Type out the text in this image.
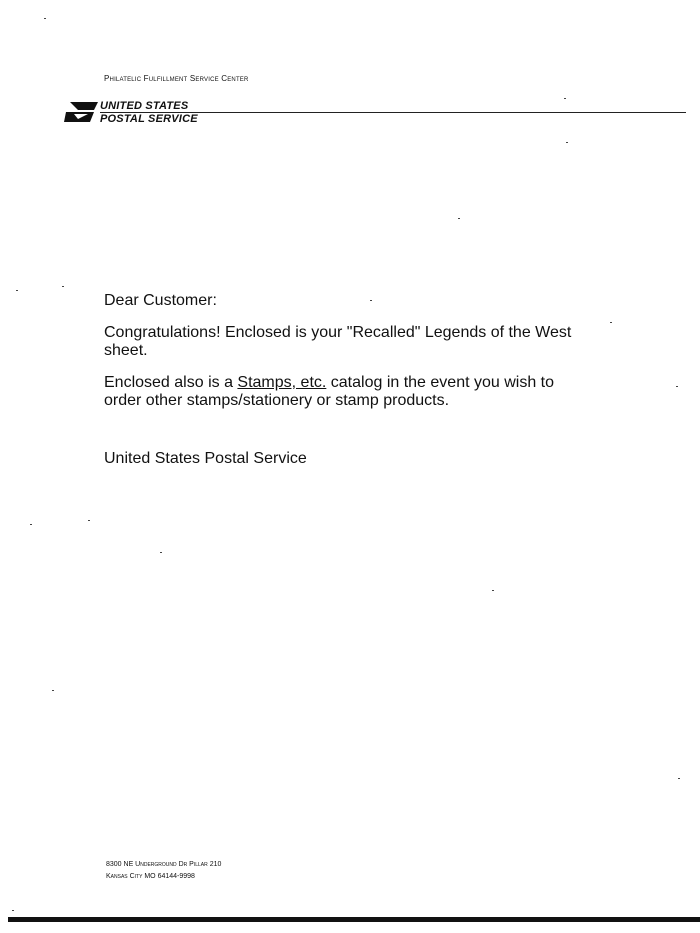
Philatelic Fulfillment Service Center
UNITED STATES
POSTAL SERVICE

Dear Customer:

Congratulations! Enclosed is your "Recalled" Legends of the West sheet.

Enclosed also is a Stamps, etc. catalog in the event you wish to order other stamps/stationery or stamp products.

United States Postal Service

8300 NE Underground Dr Pillar 210
Kansas City MO 64144-9998
